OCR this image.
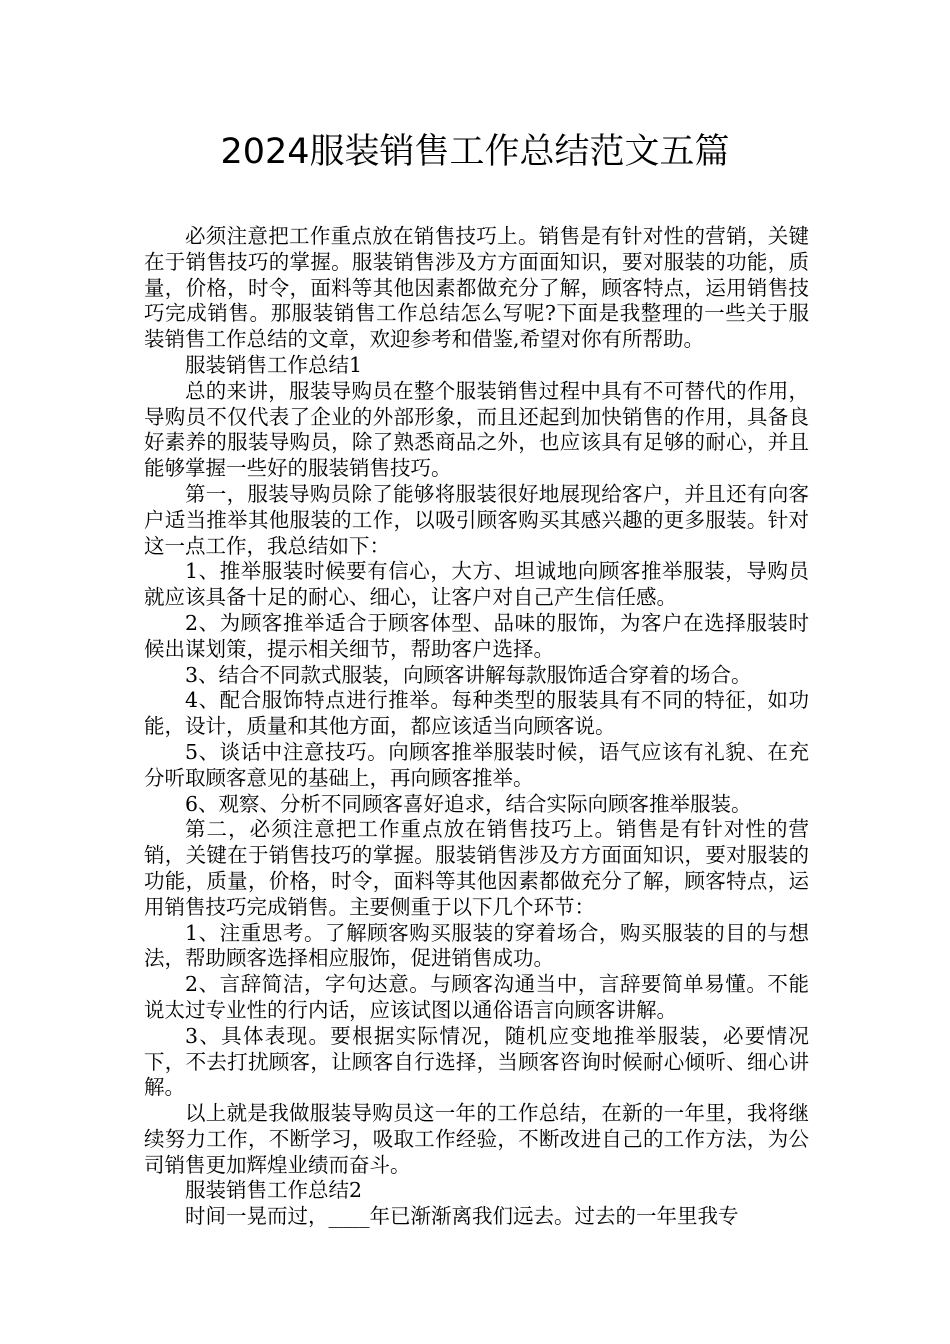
2024服装销售工作总结范文五篇

必须注意把工作重点放在销售技巧上。销售是有针对性的营销，关键在于销售技巧的掌握。服装销售涉及方方面面知识，要对服装的功能，质量，价格，时令，面料等其他因素都做充分了解，顾客特点，运用销售技巧完成销售。那服装销售工作总结怎么写呢?下面是我整理的一些关于服装销售工作总结的文章，欢迎参考和借鉴,希望对你有所帮助。

服装销售工作总结1

总的来讲，服装导购员在整个服装销售过程中具有不可替代的作用，导购员不仅代表了企业的外部形象，而且还起到加快销售的作用，具备良好素养的服装导购员，除了熟悉商品之外，也应该具有足够的耐心，并且能够掌握一些好的服装销售技巧。

第一，服装导购员除了能够将服装很好地展现给客户，并且还有向客户适当推举其他服装的工作，以吸引顾客购买其感兴趣的更多服装。针对这一点工作，我总结如下：

1、推举服装时候要有信心，大方、坦诚地向顾客推举服装，导购员就应该具备十足的耐心、细心，让客户对自己产生信任感。

2、为顾客推举适合于顾客体型、品味的服饰，为客户在选择服装时候出谋划策，提示相关细节，帮助客户选择。

3、结合不同款式服装，向顾客讲解每款服饰适合穿着的场合。

4、配合服饰特点进行推举。每种类型的服装具有不同的特征，如功能，设计，质量和其他方面，都应该适当向顾客说。

5、谈话中注意技巧。向顾客推举服装时候，语气应该有礼貌、在充分听取顾客意见的基础上，再向顾客推举。

6、观察、分析不同顾客喜好追求，结合实际向顾客推举服装。

第二，必须注意把工作重点放在销售技巧上。销售是有针对性的营销，关键在于销售技巧的掌握。服装销售涉及方方面面知识，要对服装的功能，质量，价格，时令，面料等其他因素都做充分了解，顾客特点，运用销售技巧完成销售。主要侧重于以下几个环节：

1、注重思考。了解顾客购买服装的穿着场合，购买服装的目的与想法，帮助顾客选择相应服饰，促进销售成功。

2、言辞简洁，字句达意。与顾客沟通当中，言辞要简单易懂。不能说太过专业性的行内话，应该试图以通俗语言向顾客讲解。

3、具体表现。要根据实际情况，随机应变地推举服装，必要情况下，不去打扰顾客，让顾客自行选择，当顾客咨询时候耐心倾听、细心讲解。

以上就是我做服装导购员这一年的工作总结，在新的一年里，我将继续努力工作，不断学习，吸取工作经验，不断改进自己的工作方法，为公司销售更加辉煌业绩而奋斗。

服装销售工作总结2

时间一晃而过，____年已渐渐离我们远去。过去的一年里我专
